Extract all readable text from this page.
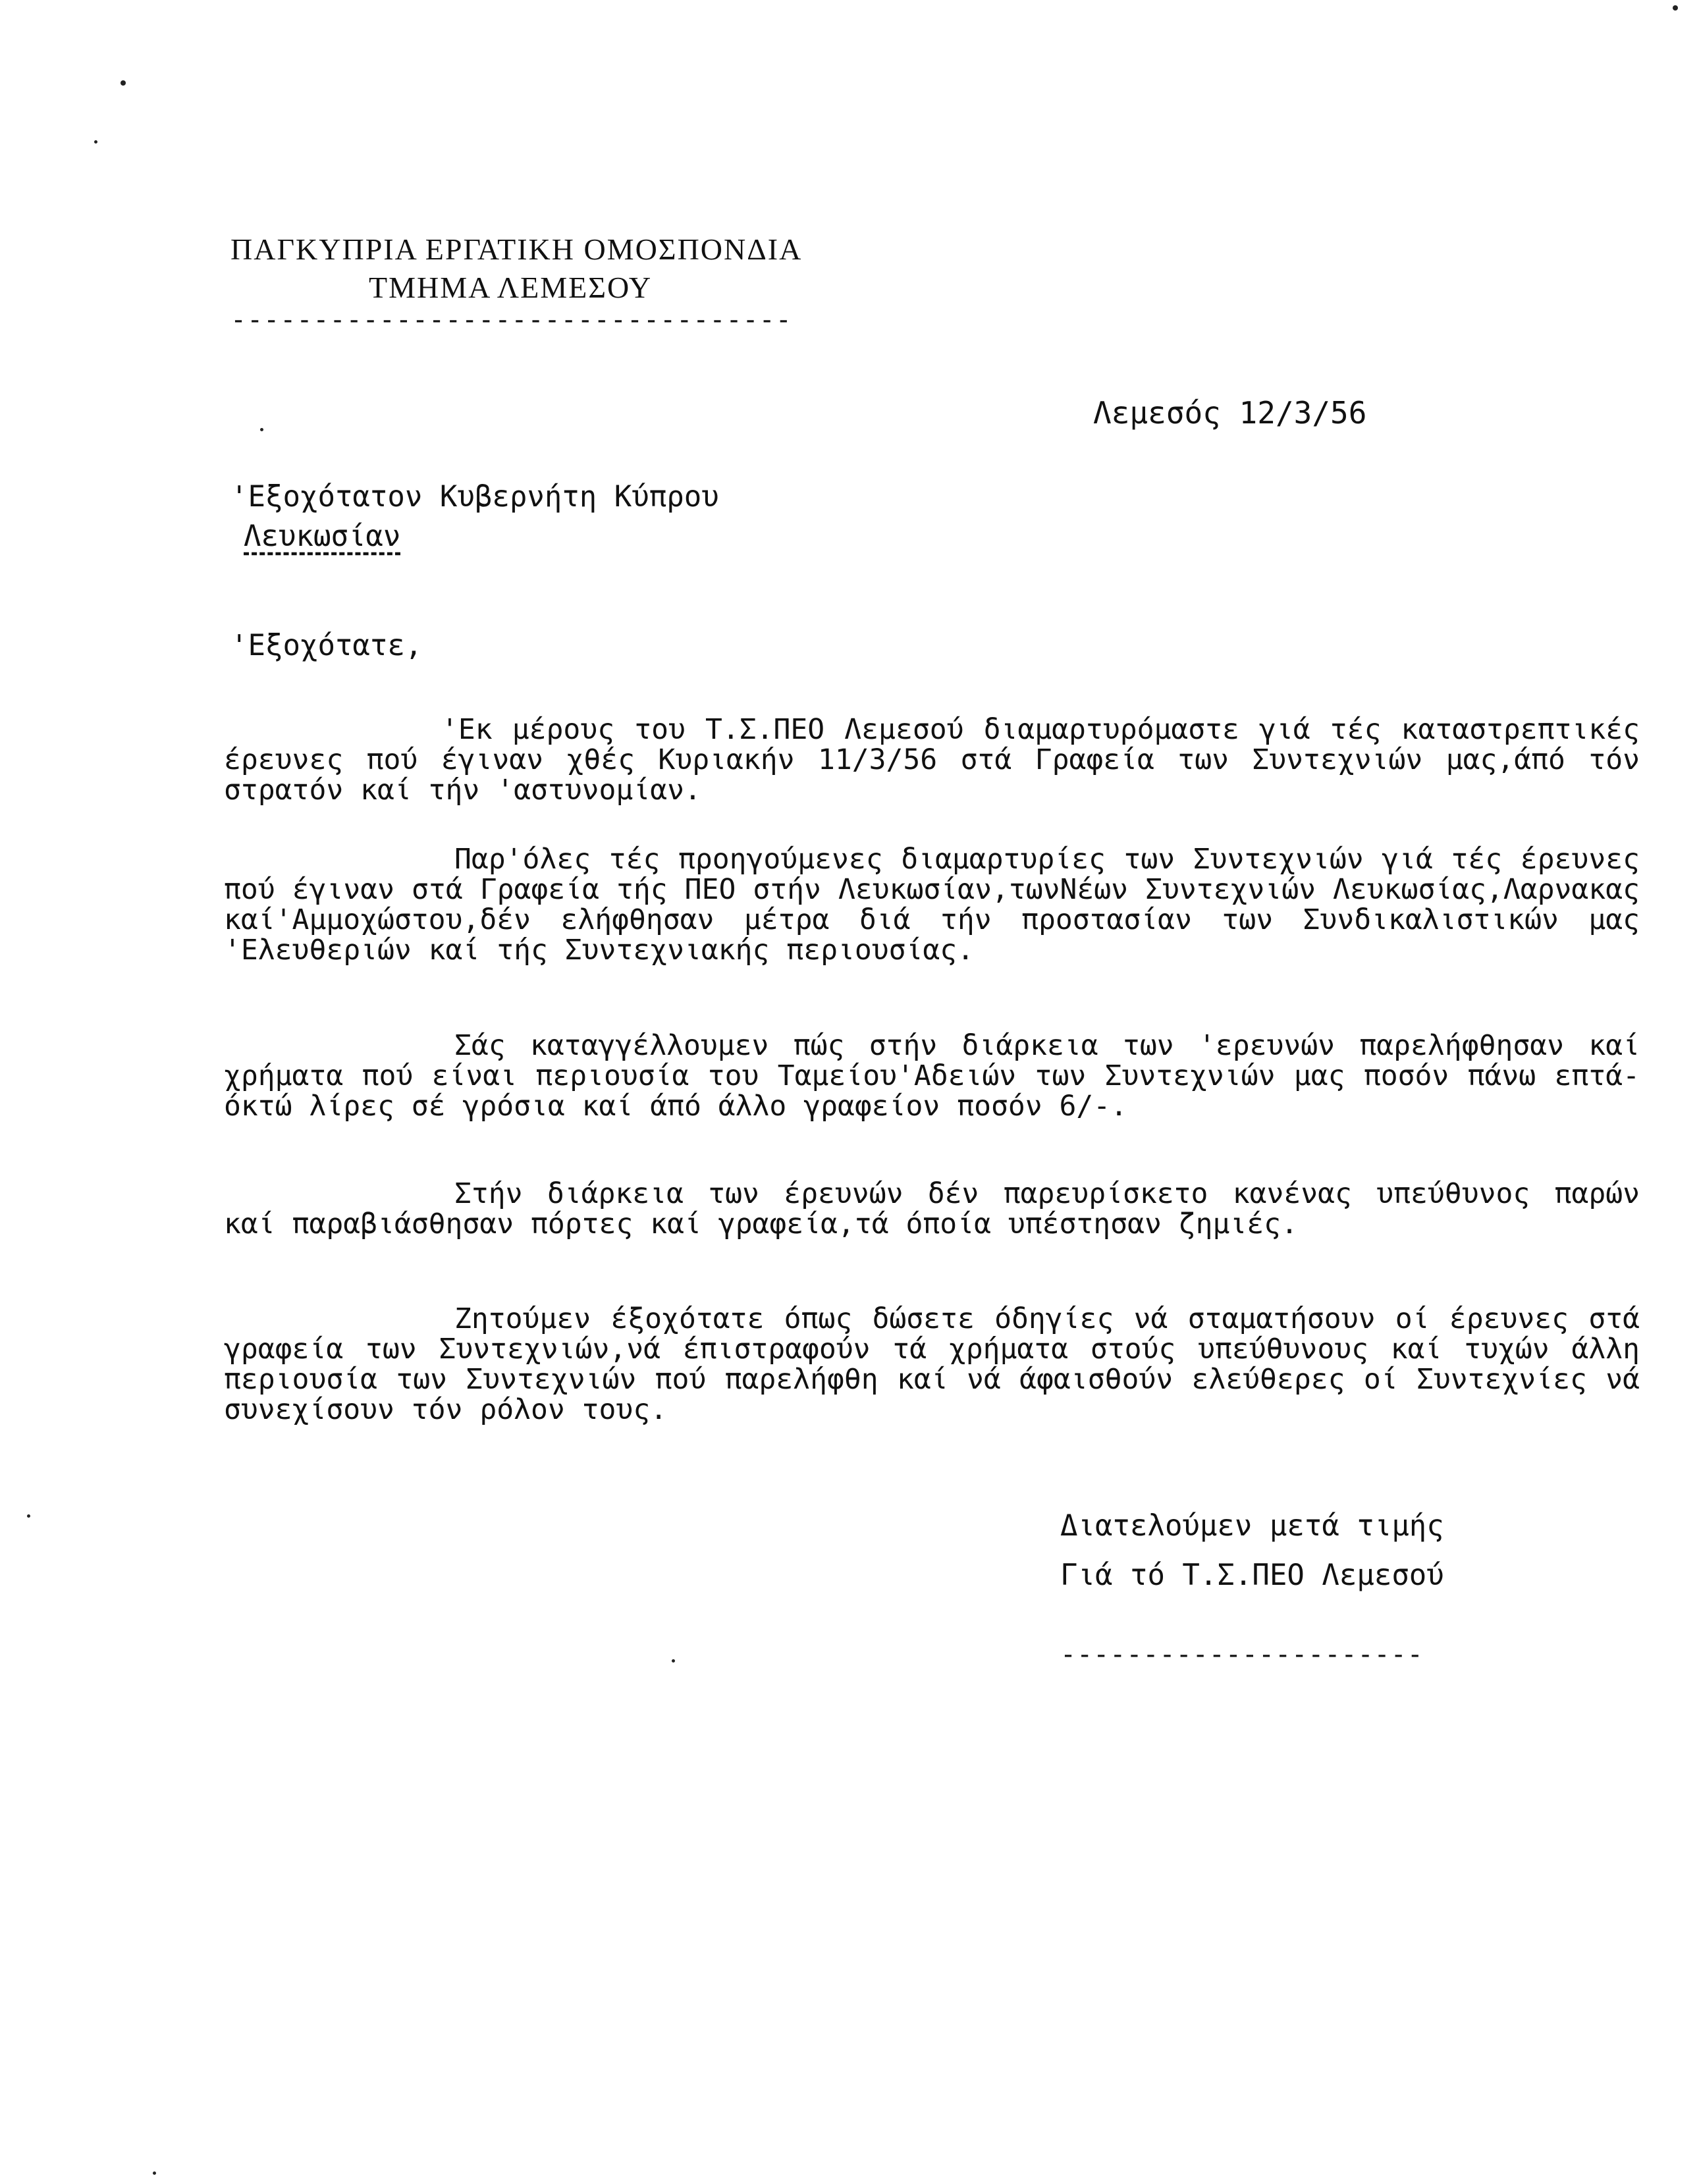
ΠΑΓΚΥΠΡΙΑ ΕΡΓΑΤΙΚΗ ΟΜΟΣΠΟΝΔΙΑ
ΤΜΗΜΑ ΛΕΜΕΣΟΥ
----------------------------------
Λεμεσός 12/3/56
'Εξοχότατον Κυβερνήτη Κύπρου
Λευκωσίαν
'Εξοχότατε,

'Εκ μέρους του Τ.Σ.ΠΕΟ Λεμεσού διαμαρτυρόμαστε γιά τές καταστρεπτικές έρευνες πού έγιναν χθές Κυριακήν 11/3/56 στά Γραφεία των Συντεχνιών μας,άπό τόν στρατόν καί τήν 'αστυνομίαν.

Παρ'όλες τές προηγούμενες διαμαρτυρίες των Συντεχνιών γιά τές έρευνες πού έγιναν στά Γραφεία τής ΠΕΟ στήν Λευκωσίαν,τωνΝέων Συντεχνιών Λευκωσίας,Λαρνακας καί'Αμμοχώστου,δέν ελήφθησαν μέτρα διά τήν προστασίαν των Συνδικαλιστικών μας 'Ελευθεριών καί τής Συντεχνιακής περιουσίας.

Σάς καταγγέλλουμεν πώς στήν διάρκεια των 'ερευνών παρελήφθησαν καί χρήματα πού είναι περιουσία του Ταμείου'Αδειών των Συντεχνιών μας ποσόν πάνω επτά-όκτώ λίρες σέ γρόσια καί άπό άλλο γραφείον ποσόν 6/-.

Στήν διάρκεια των έρευνών δέν παρευρίσκετο κανένας υπεύθυνος παρών καί παραβιάσθησαν πόρτες καί γραφεία,τά όποία υπέστησαν ζημιές.

Ζητούμεν έξοχότατε όπως δώσετε όδηγίες νά σταματήσουν οί έρευνες στά γραφεία των Συντεχνιών,νά έπιστραφούν τά χρήματα στούς υπεύθυνους καί τυχών άλλη περιουσία των Συντεχνιών πού παρελήφθη καί νά άφαισθούν ελεύθερες οί Συντεχνίες νά συνεχίσουν τόν ρόλον τους.

Διατελούμεν μετά τιμής
Γιά τό Τ.Σ.ΠΕΟ Λεμεσού
----------------------
